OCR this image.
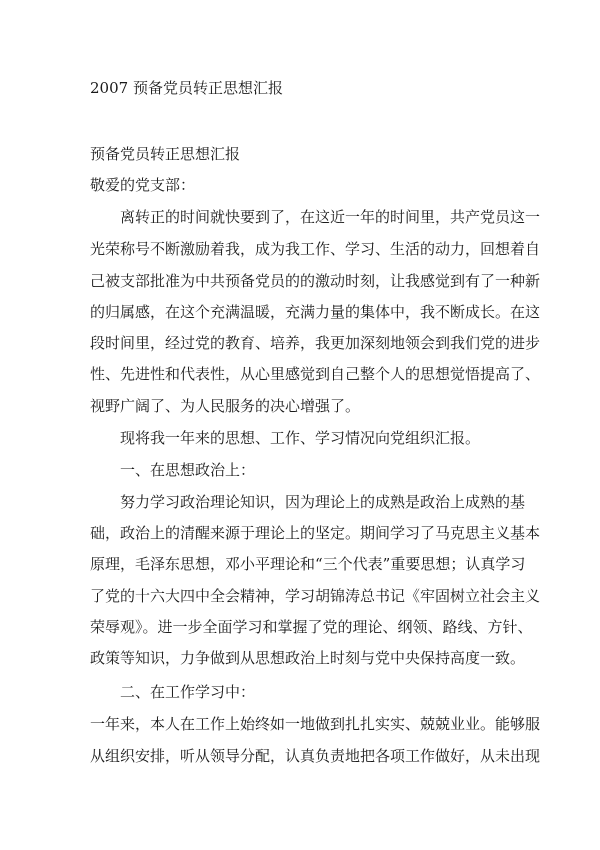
2007 预备党员转正思想汇报

预备党员转正思想汇报

敬爱的党支部：

离转正的时间就快要到了，在这近一年的时间里，共产党员这一

光荣称号不断激励着我，成为我工作、学习、生活的动力，回想着自

己被支部批准为中共预备党员的的激动时刻，让我感觉到有了一种新

的归属感，在这个充满温暖，充满力量的集体中，我不断成长。在这

段时间里，经过党的教育、培养，我更加深刻地领会到我们党的进步

性、先进性和代表性，从心里感觉到自己整个人的思想觉悟提高了、

视野广阔了、为人民服务的决心增强了。

现将我一年来的思想、工作、学习情况向党组织汇报。

一、在思想政治上：

努力学习政治理论知识，因为理论上的成熟是政治上成熟的基

础，政治上的清醒来源于理论上的坚定。期间学习了马克思主义基本

原理，毛泽东思想，邓小平理论和“三个代表”重要思想；认真学习

了党的十六大四中全会精神，学习胡锦涛总书记《牢固树立社会主义

荣辱观》。进一步全面学习和掌握了党的理论、纲领、路线、方针、

政策等知识，力争做到从思想政治上时刻与党中央保持高度一致。

二、在工作学习中：

一年来，本人在工作上始终如一地做到扎扎实实、兢兢业业。能够服

从组织安排，听从领导分配，认真负责地把各项工作做好，从未出现
